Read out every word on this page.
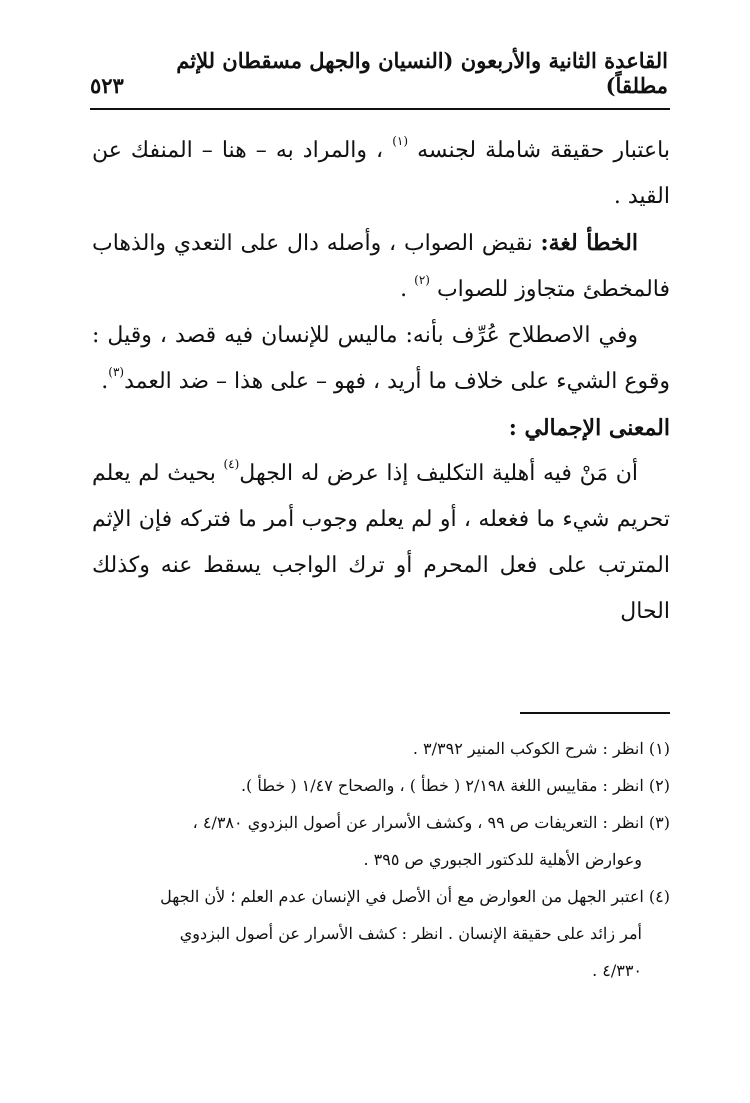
القاعدة الثانية والأربعون (النسيان والجهل مسقطان للإثم مطلقاً)
٥٢٣

باعتبار حقيقة شاملة لجنسه $^{(١)}$ ، والمراد به – هنا – المنفك عن القيد .

الخطأ لغة: نقيض الصواب ، وأصله دال على التعدي والذهاب فالمخطئ متجاوز للصواب $^{(٢)}$ .

وفي الاصطلاح عُرِّف بأنه: ماليس للإنسان فيه قصد ، وقيل : وقوع الشيء على خلاف ما أريد ، فهو – على هذا – ضد العمد$^{(٣)}$.

المعنى الإجمالي :

أن مَنْ فيه أهلية التكليف إذا عرض له الجهل$^{(٤)}$ بحيث لم يعلم تحريم شيء ما فغعله ، أو لم يعلم وجوب أمر ما فتركه فإن الإثم المترتب على فعل المحرم أو ترك الواجب يسقط عنه وكذلك الحال

(١) انظر : شرح الكوكب المنير ٣/٣٩٢ .

(٢) انظر : مقاييس اللغة ٢/١٩٨ ( خطأ ) ، والصحاح ١/٤٧ ( خطأ ).

(٣) انظر : التعريفات ص ٩٩ ، وكشف الأسرار عن أصول البزدوي ٤/٣٨٠ ،

وعوارض الأهلية للدكتور الجبوري ص ٣٩٥ .

(٤) اعتبر الجهل من العوارض مع أن الأصل في الإنسان عدم العلم ؛ لأن الجهل

أمر زائد على حقيقة الإنسان . انظر : كشف الأسرار عن أصول البزدوي

٤/٣٣٠ .
